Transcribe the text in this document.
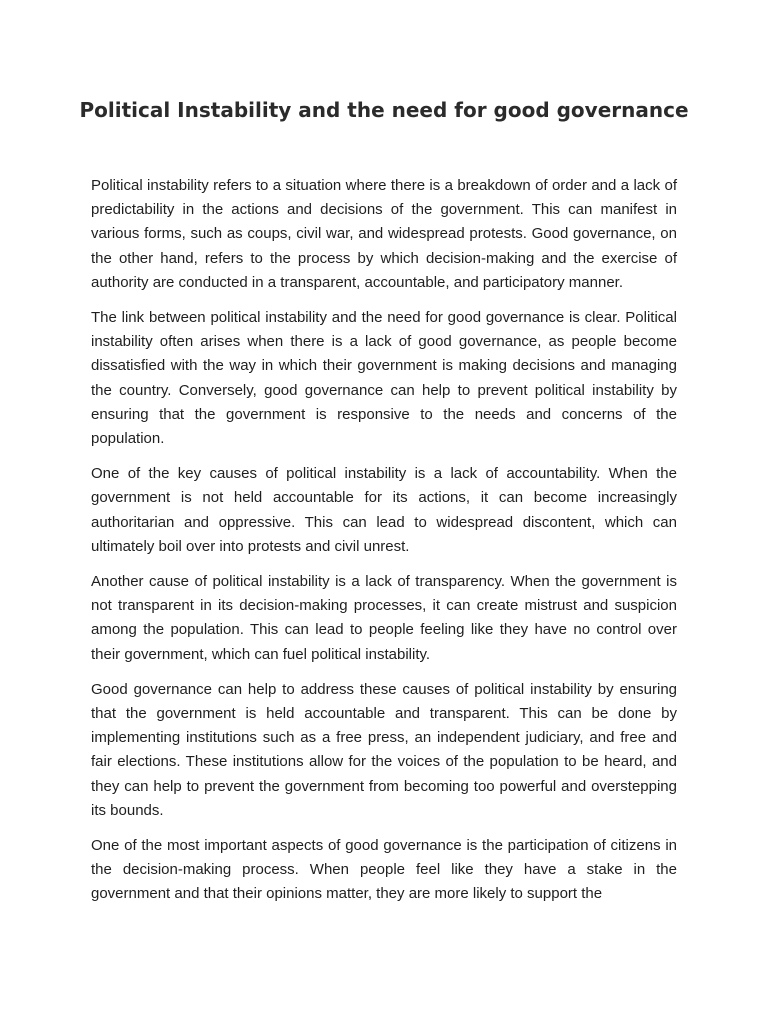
Political Instability and the need for good governance

Political instability refers to a situation where there is a breakdown of order and a lack of predictability in the actions and decisions of the government. This can manifest in various forms, such as coups, civil war, and widespread protests. Good governance, on the other hand, refers to the process by which decision-making and the exercise of authority are conducted in a transparent, accountable, and participatory manner.

The link between political instability and the need for good governance is clear. Political instability often arises when there is a lack of good governance, as people become dissatisfied with the way in which their government is making decisions and managing the country. Conversely, good governance can help to prevent political instability by ensuring that the government is responsive to the needs and concerns of the population.

One of the key causes of political instability is a lack of accountability. When the government is not held accountable for its actions, it can become increasingly authoritarian and oppressive. This can lead to widespread discontent, which can ultimately boil over into protests and civil unrest.

Another cause of political instability is a lack of transparency. When the government is not transparent in its decision-making processes, it can create mistrust and suspicion among the population. This can lead to people feeling like they have no control over their government, which can fuel political instability.

Good governance can help to address these causes of political instability by ensuring that the government is held accountable and transparent. This can be done by implementing institutions such as a free press, an independent judiciary, and free and fair elections. These institutions allow for the voices of the population to be heard, and they can help to prevent the government from becoming too powerful and overstepping its bounds.

One of the most important aspects of good governance is the participation of citizens in the decision-making process. When people feel like they have a stake in the government and that their opinions matter, they are more likely to support the
